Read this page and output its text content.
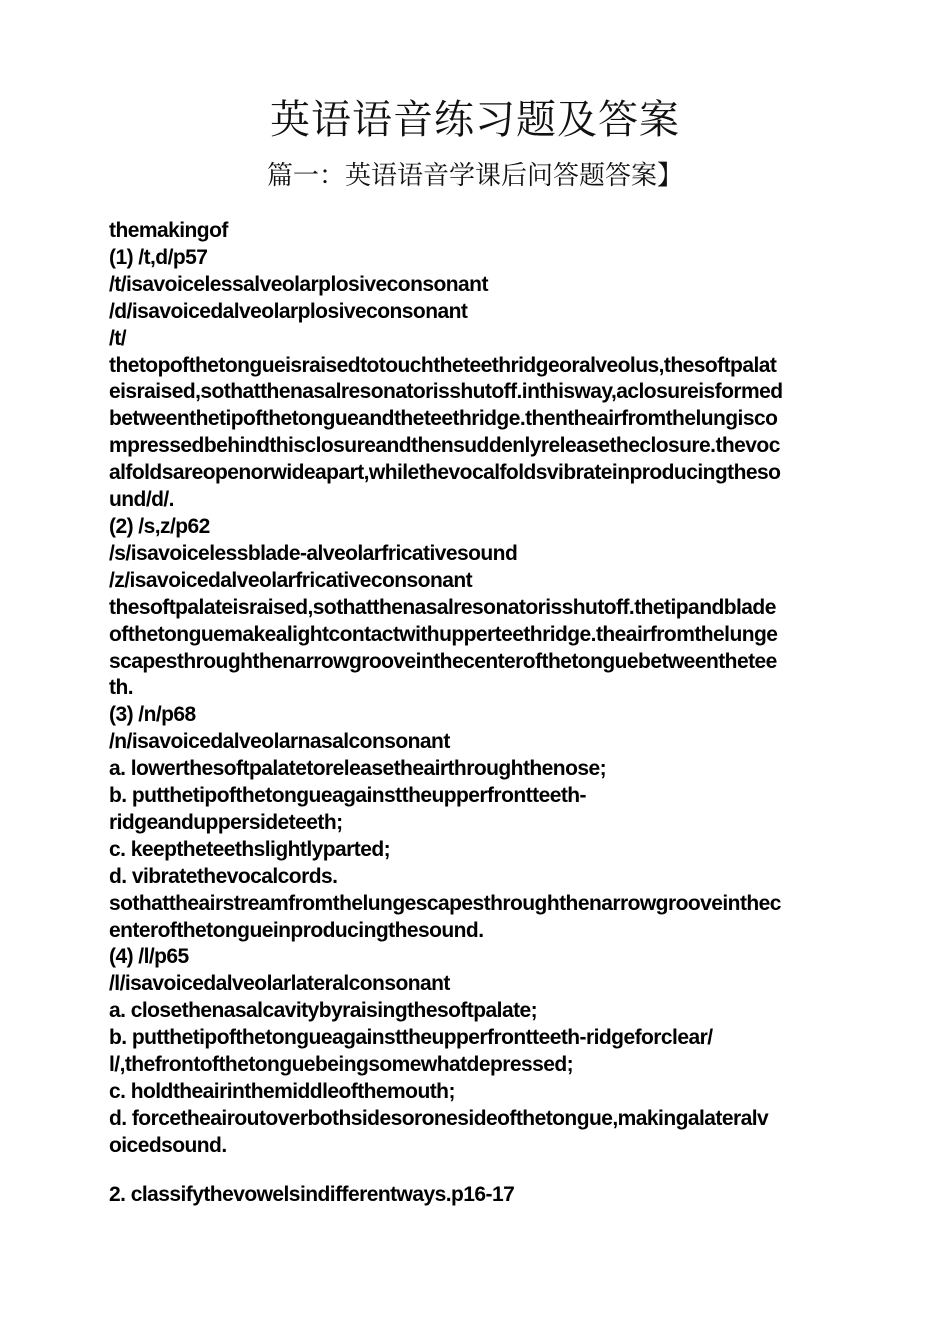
英语语音练习题及答案
篇一：英语语音学课后问答题答案】
themakingof
(1) /t,d/p57
/t/isavoicelessalveolarplosiveconsonant
/d/isavoicedalveolarplosiveconsonant
/t/
thetopofthetongueisraisedtotouchtheteethridgeoralveolus,thesoftpalat
eisraised,sothatthenasalresonatorisshutoff.inthisway,aclosureisformed
betweenthetipofthetongueandtheteethridge.thentheairfromthelungisco
mpressedbehindthisclosureandthensuddenlyreleasetheclosure.thevoc
alfoldsareopenorwideapart,whilethevocalfoldsvibrateinproducingtheso
und/d/.
(2) /s,z/p62
/s/isavoicelessblade-alveolarfricativesound
/z/isavoicedalveolarfricativeconsonant
thesoftpalateisraised,sothatthenasalresonatorisshutoff.thetipandblade
ofthetonguemakealightcontactwithupperteethridge.theairfromthelunge
scapesthroughthenarrowgrooveinthecenterofthetonguebetweenthetee
th.
(3) /n/p68
/n/isavoicedalveolarnasalconsonant
a. lowerthesoftpalatetoreleasetheairthroughthenose;
b. putthetipofthetongueagainsttheupperfrontteeth-
ridgeanduppersideteeth;
c. keeptheteethslightlyparted;
d. vibratethevocalcords.
sothattheairstreamfromthelungescapesthroughthenarrowgrooveinthec
enterofthetongueinproducingthesound.
(4) /l/p65
/l/isavoicedalveolarlateralconsonant
a. closethenasalcavitybyraisingthesoftpalate;
b. putthetipofthetongueagainsttheupperfrontteeth-ridgeforclear/
l/,thefrontofthetonguebeingsomewhatdepressed;
c. holdtheairinthemiddleofthemouth;
d. forcetheairoutoverbothsidesoronesideofthetongue,makingalateralv
oicedsound.
2. classifythevowelsindifferentways.p16-17
